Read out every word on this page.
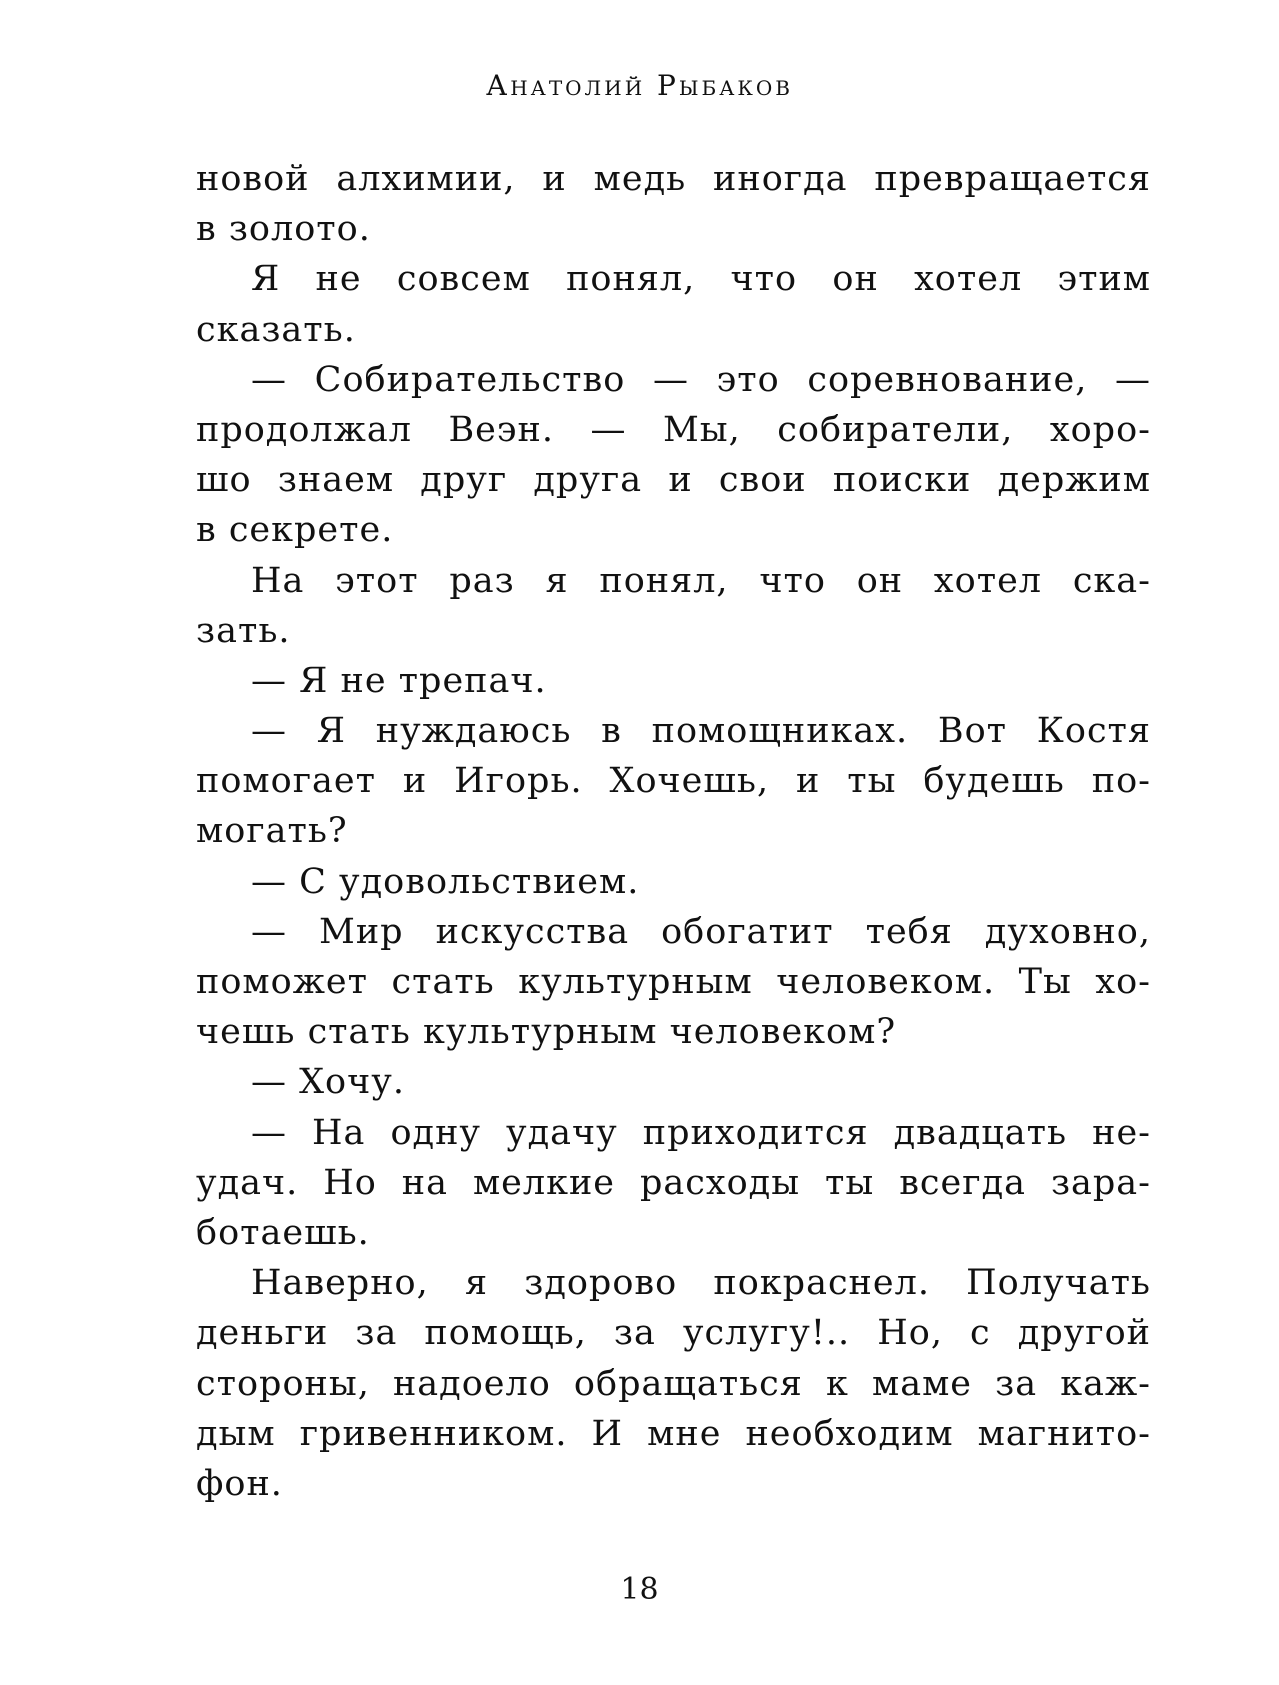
Анатолий Рыбаков
новой алхимии, и медь иногда превращается
в золото.
Я не совсем понял, что он хотел этим
сказать.
— Собирательство — это соревнование, —
продолжал Веэн. — Мы, собиратели, хоро-
шо знаем друг друга и свои поиски держим
в секрете.
На этот раз я понял, что он хотел ска-
зать.
— Я не трепач.
— Я нуждаюсь в помощниках. Вот Костя
помогает и Игорь. Хочешь, и ты будешь по-
могать?
— С удовольствием.
— Мир искусства обогатит тебя духовно,
поможет стать культурным человеком. Ты хо-
чешь стать культурным человеком?
— Хочу.
— На одну удачу приходится двадцать не-
удач. Но на мелкие расходы ты всегда зара-
ботаешь.
Наверно, я здорово покраснел. Получать
деньги за помощь, за услугу!.. Но, с другой
стороны, надоело обращаться к маме за каж-
дым гривенником. И мне необходим магнито-
фон.
18
